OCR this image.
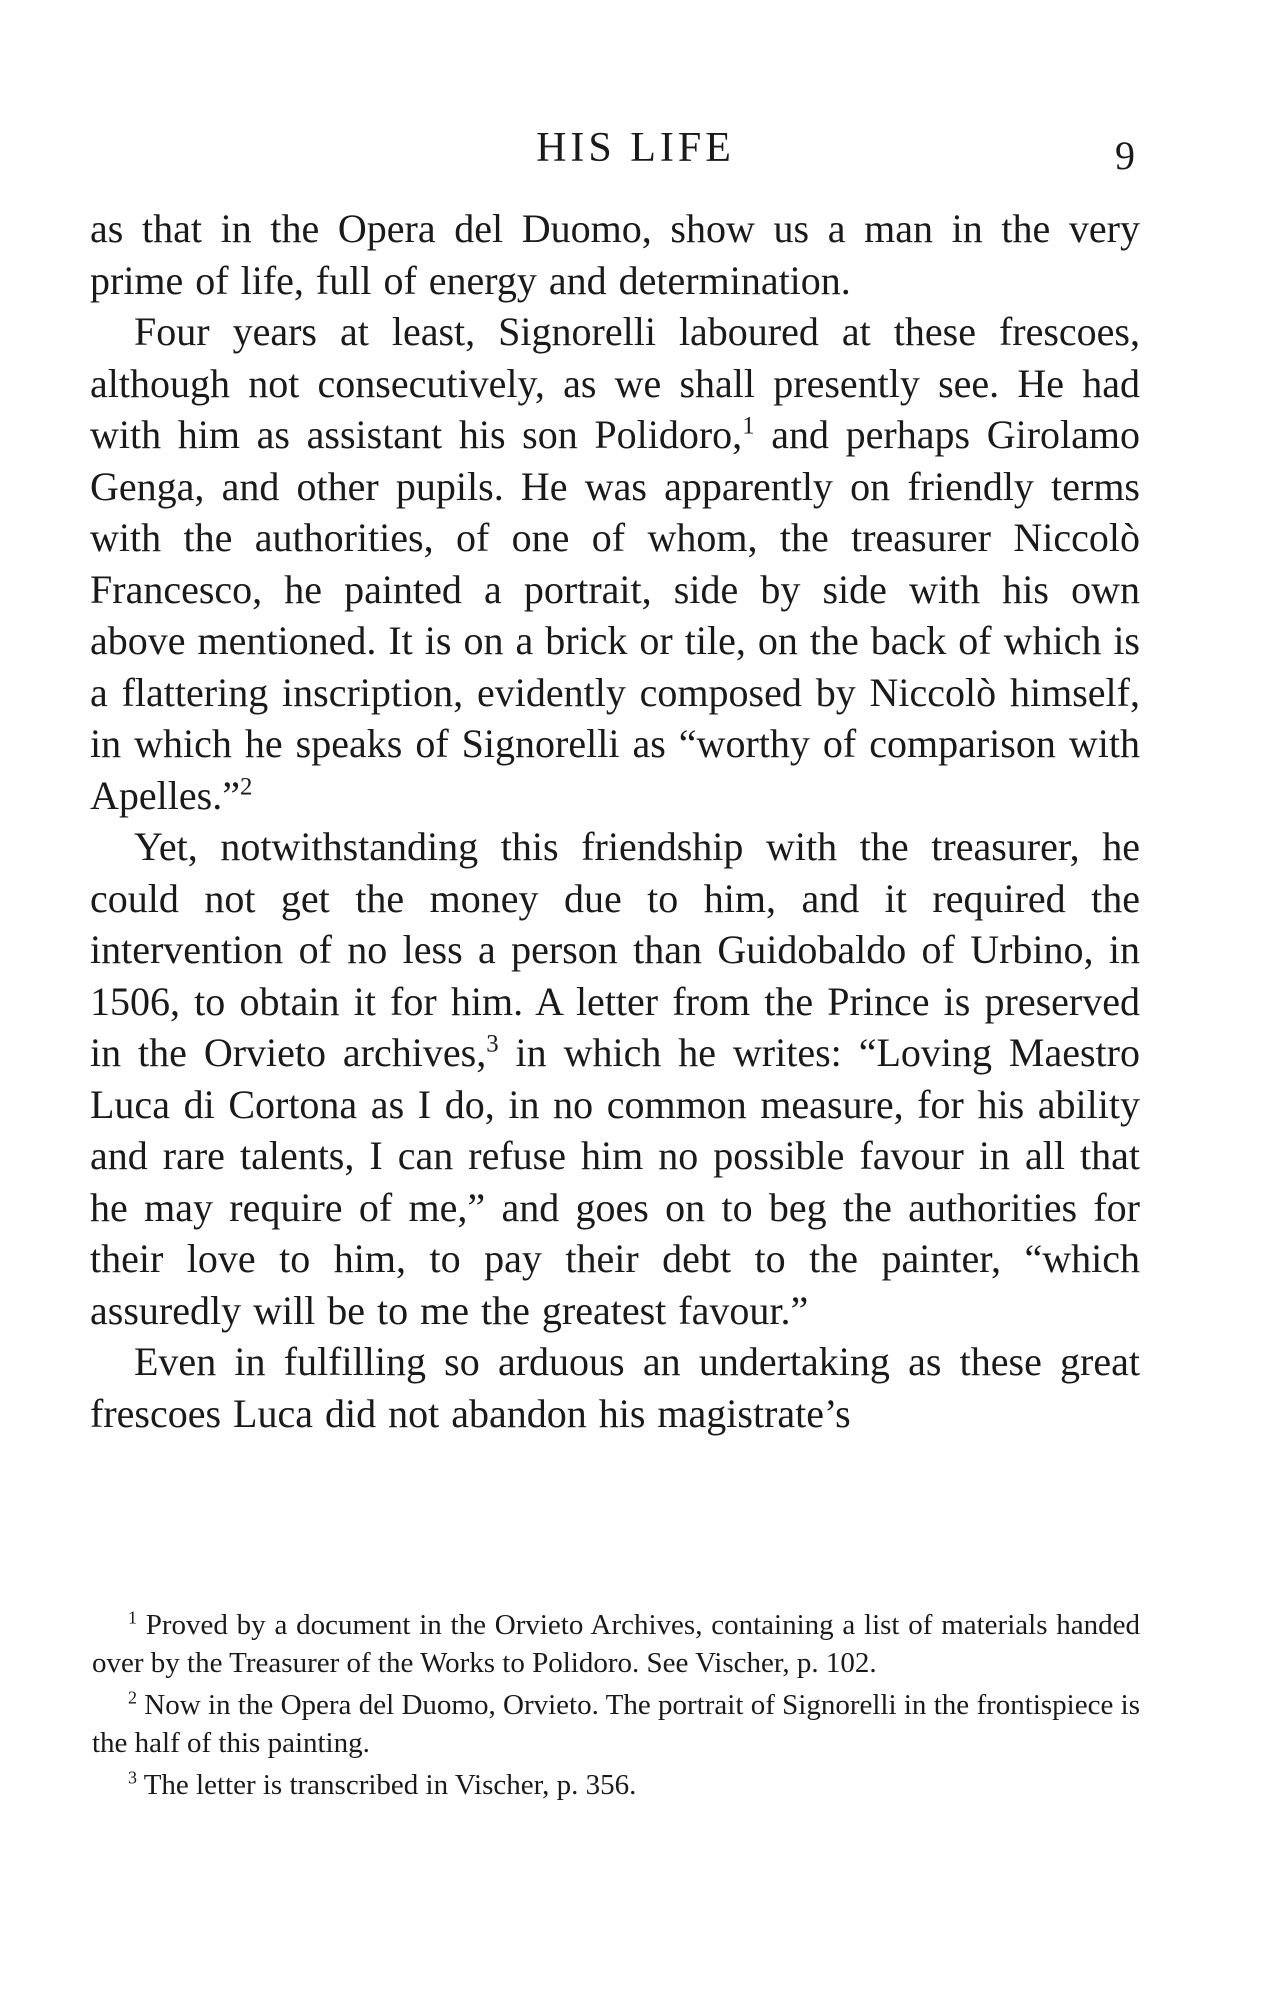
HIS LIFE	9

as that in the Opera del Duomo, show us a man in the very prime of life, full of energy and determination.

Four years at least, Signorelli laboured at these frescoes, although not consecutively, as we shall presently see. He had with him as assistant his son Polidoro,$^1$ and perhaps Girolamo Genga, and other pupils. He was apparently on friendly terms with the authorities, of one of whom, the treasurer Niccolò Francesco, he painted a portrait, side by side with his own above mentioned. It is on a brick or tile, on the back of which is a flattering inscription, evidently composed by Niccolò himself, in which he speaks of Signorelli as “worthy of comparison with Apelles.”$^2$

Yet, notwithstanding this friendship with the treasurer, he could not get the money due to him, and it required the intervention of no less a person than Guidobaldo of Urbino, in 1506, to obtain it for him. A letter from the Prince is preserved in the Orvieto archives,$^3$ in which he writes: “Loving Maestro Luca di Cortona as I do, in no common measure, for his ability and rare talents, I can refuse him no possible favour in all that he may require of me,” and goes on to beg the authorities for their love to him, to pay their debt to the painter, “which assuredly will be to me the greatest favour.”

Even in fulfilling so arduous an undertaking as these great frescoes Luca did not abandon his magistrate’s

$^1$ Proved by a document in the Orvieto Archives, containing a list of materials handed over by the Treasurer of the Works to Polidoro. See Vischer, p. 102.

$^2$ Now in the Opera del Duomo, Orvieto. The portrait of Signorelli in the frontispiece is the half of this painting.

$^3$ The letter is transcribed in Vischer, p. 356.
